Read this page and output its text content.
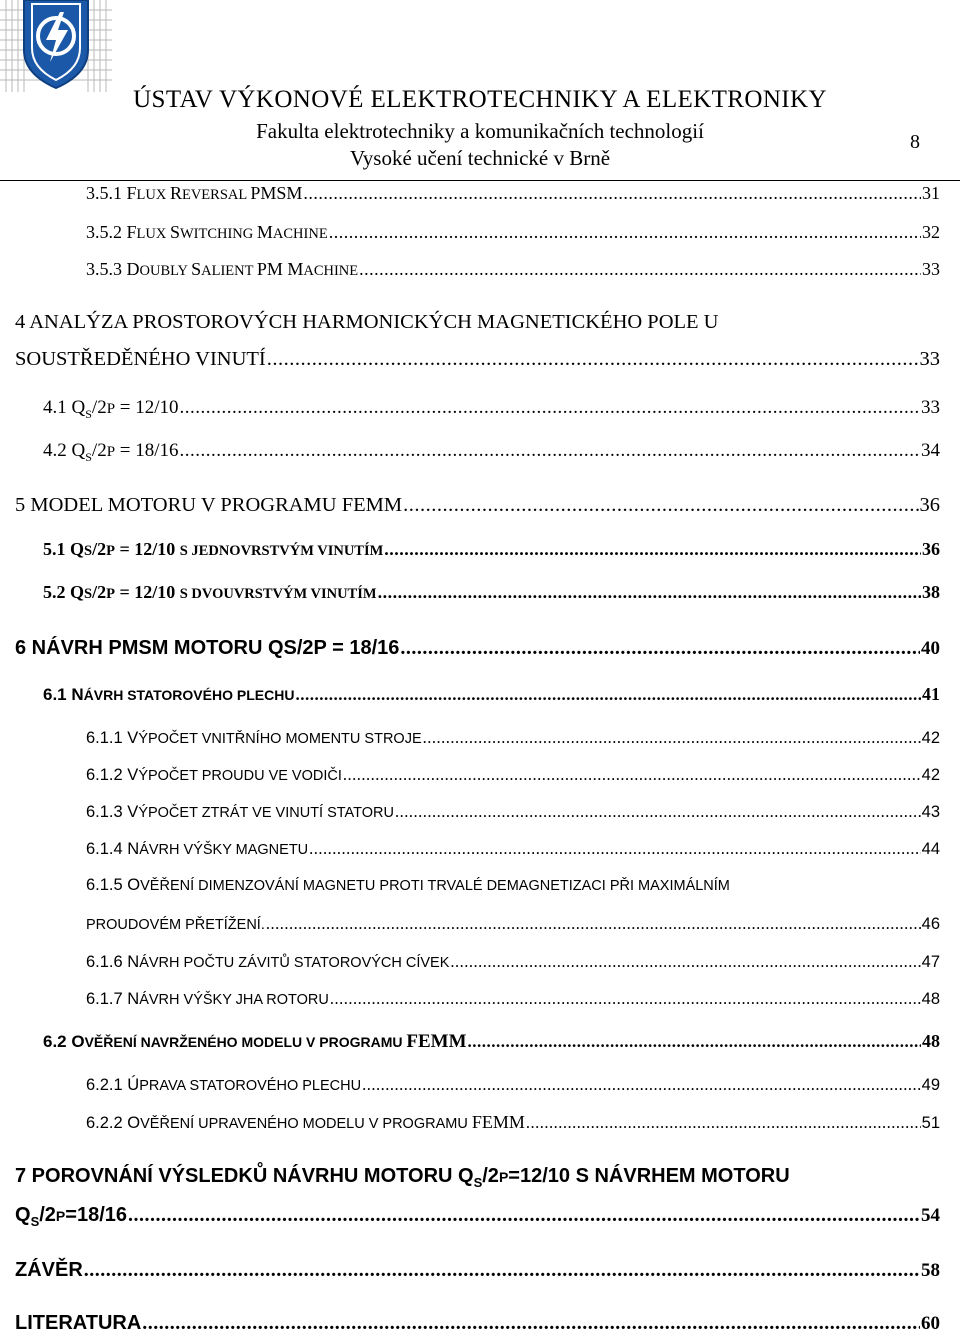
ÚSTAV VÝKONOVÉ ELEKTROTECHNIKY A ELEKTRONIKY
Fakulta elektrotechniky a komunikačních technologií
Vysoké učení technické v Brně
8
3.5.1 FLUX REVERSAL PMSM .....	31
3.5.2 FLUX SWITCHING MACHINE .....	32
3.5.3 DOUBLY SALIENT PM MACHINE .....	33
4 ANALÝZA PROSTOROVÝCH HARMONICKÝCH MAGNETICKÉHO POLE U
SOUSTŘEDĚNÉHO VINUTÍ .....	33
4.1 $Q_S/2P = 12/10$ .....	33
4.2 $Q_S/2P = 18/16$ .....	34
5 MODEL MOTORU V PROGRAMU FEMM .....	36
5.1 QS/2P = 12/10 S JEDNOVRSTVÝM VINUTÍM .....	36
5.2 QS/2P = 12/10 S DVOUVRSTVÝM VINUTÍM .....	38
6 NÁVRH PMSM MOTORU QS/2P = 18/16 .....	40
6.1 NÁVRH STATOROVÉHO PLECHU .....	41
6.1.1 VÝPOČET VNITŘNÍHO MOMENTU STROJE .....	42
6.1.2 VÝPOČET PROUDU VE VODIČI .....	42
6.1.3 VÝPOČET ZTRÁT VE VINUTÍ STATORU .....	43
6.1.4 NÁVRH VÝŠKY MAGNETU .....	44
6.1.5 OVĚŘENÍ DIMENZOVÁNÍ MAGNETU PROTI TRVALÉ DEMAGNETIZACI PŘI MAXIMÁLNÍM
PROUDOVÉM PŘETÍŽENÍ. .....	46
6.1.6 NÁVRH POČTU ZÁVITŮ STATOROVÝCH CÍVEK .....	47
6.1.7 NÁVRH VÝŠKY JHA ROTORU .....	48
6.2 OVĚŘENÍ NAVRŽENÉHO MODELU V PROGRAMU FEMM .....	48
6.2.1 ÚPRAVA STATOROVÉHO PLECHU .....	49
6.2.2 OVĚŘENÍ UPRAVENÉHO MODELU V PROGRAMU FEMM .....	51
7 POROVNÁNÍ VÝSLEDKŮ NÁVRHU MOTORU $Q_S/2P=12/10$ S NÁVRHEM MOTORU
$Q_S/2P=18/16$ .....	54
ZÁVĚR .....	58
LITERATURA .....	60
